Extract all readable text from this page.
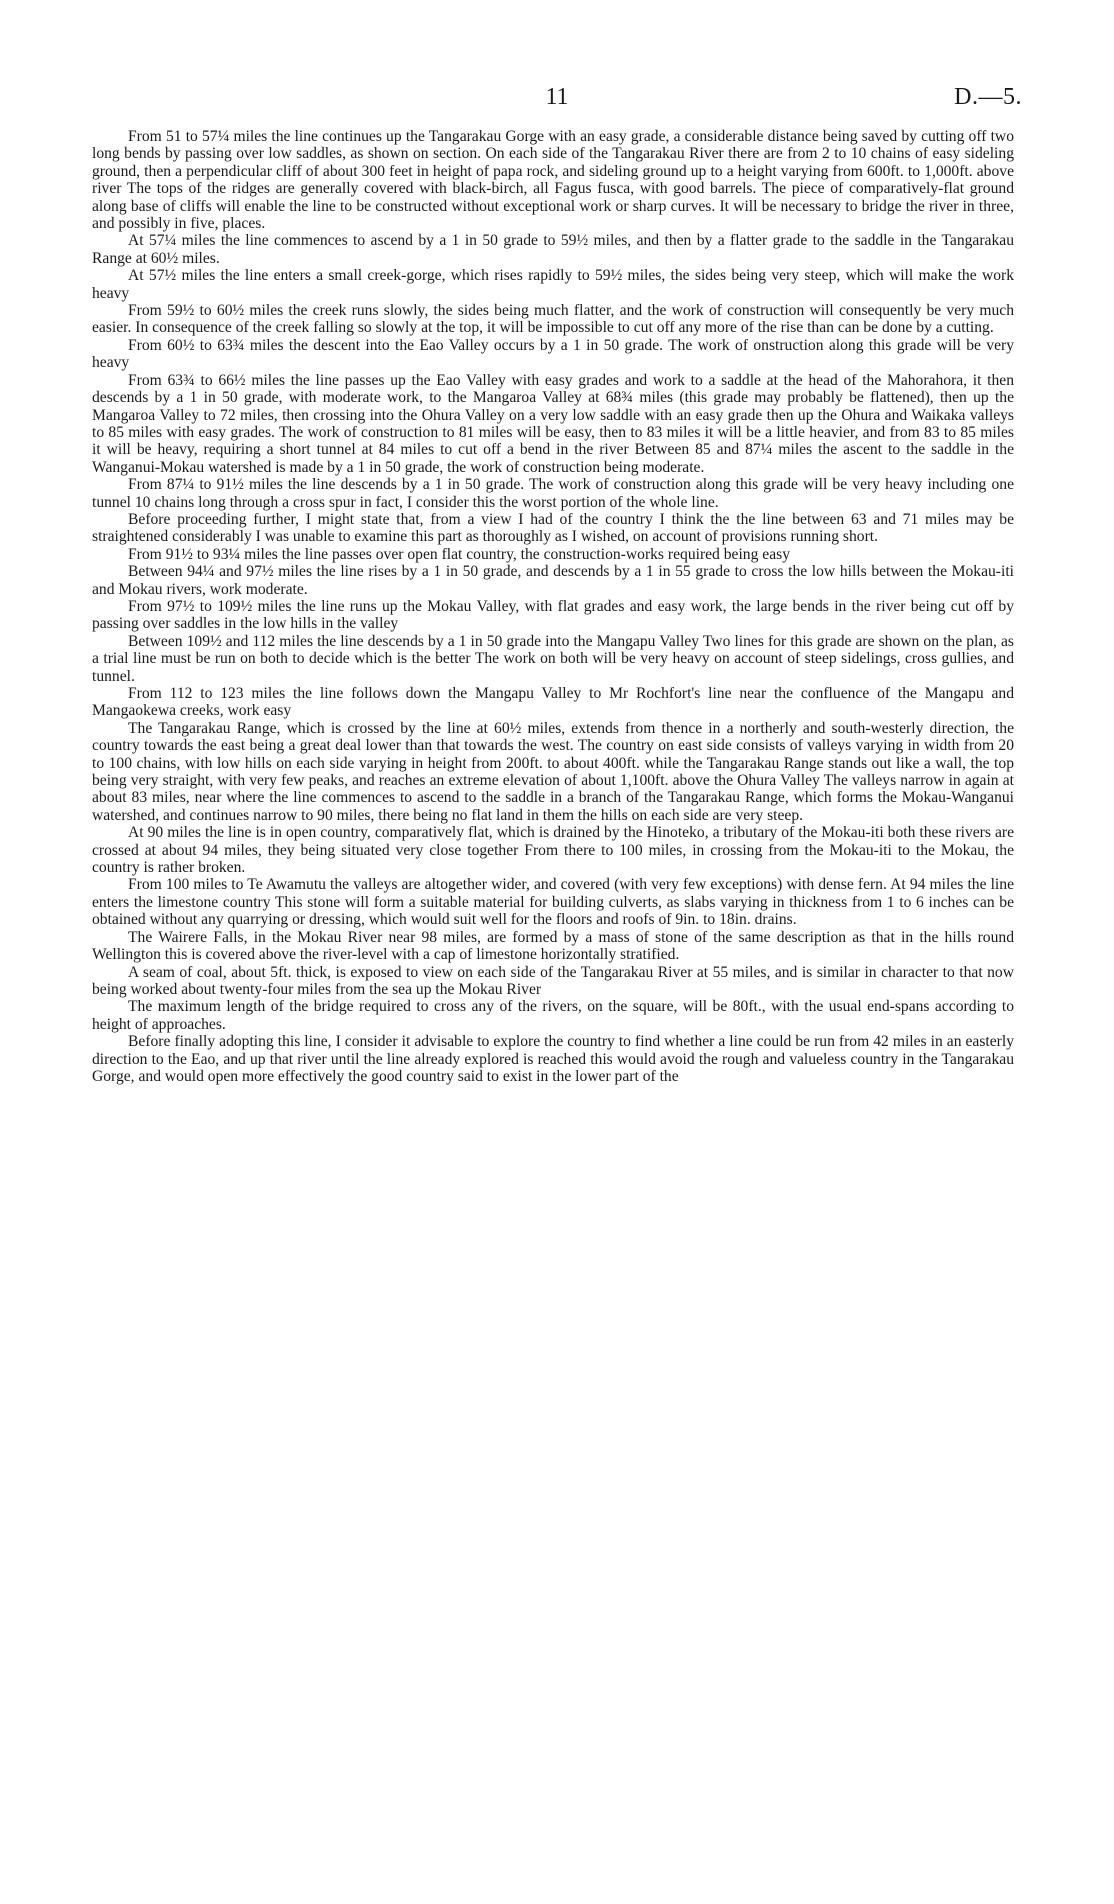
11	D.—5.

From 51 to 57¼ miles the line continues up the Tangarakau Gorge with an easy grade, a considerable distance being saved by cutting off two long bends by passing over low saddles, as shown on section. On each side of the Tangarakau River there are from 2 to 10 chains of easy sideling ground, then a perpendicular cliff of about 300 feet in height of papa rock, and sideling ground up to a height varying from 600ft. to 1,000ft. above river The tops of the ridges are generally covered with black-birch, all Fagus fusca, with good barrels. The piece of comparatively-flat ground along base of cliffs will enable the line to be constructed without exceptional work or sharp curves. It will be necessary to bridge the river in three, and possibly in five, places.

At 57¼ miles the line commences to ascend by a 1 in 50 grade to 59½ miles, and then by a flatter grade to the saddle in the Tangarakau Range at 60½ miles.

At 57½ miles the line enters a small creek-gorge, which rises rapidly to 59½ miles, the sides being very steep, which will make the work heavy

From 59½ to 60½ miles the creek runs slowly, the sides being much flatter, and the work of construction will consequently be very much easier. In consequence of the creek falling so slowly at the top, it will be impossible to cut off any more of the rise than can be done by a cutting.

From 60½ to 63¾ miles the descent into the Eao Valley occurs by a 1 in 50 grade. The work of onstruction along this grade will be very heavy

From 63¾ to 66½ miles the line passes up the Eao Valley with easy grades and work to a saddle at the head of the Mahorahora, it then descends by a 1 in 50 grade, with moderate work, to the Mangaroa Valley at 68¾ miles (this grade may probably be flattened), then up the Mangaroa Valley to 72 miles, then crossing into the Ohura Valley on a very low saddle with an easy grade then up the Ohura and Waikaka valleys to 85 miles with easy grades. The work of construction to 81 miles will be easy, then to 83 miles it will be a little heavier, and from 83 to 85 miles it will be heavy, requiring a short tunnel at 84 miles to cut off a bend in the river Between 85 and 87¼ miles the ascent to the saddle in the Wanganui-Mokau watershed is made by a 1 in 50 grade, the work of construction being moderate.

From 87¼ to 91½ miles the line descends by a 1 in 50 grade. The work of construction along this grade will be very heavy including one tunnel 10 chains long through a cross spur in fact, I consider this the worst portion of the whole line.

Before proceeding further, I might state that, from a view I had of the country I think the the line between 63 and 71 miles may be straightened considerably I was unable to examine this part as thoroughly as I wished, on account of provisions running short.

From 91½ to 93¼ miles the line passes over open flat country, the construction-works required being easy

Between 94¼ and 97½ miles the line rises by a 1 in 50 grade, and descends by a 1 in 55 grade to cross the low hills between the Mokau-iti and Mokau rivers, work moderate.

From 97½ to 109½ miles the line runs up the Mokau Valley, with flat grades and easy work, the large bends in the river being cut off by passing over saddles in the low hills in the valley

Between 109½ and 112 miles the line descends by a 1 in 50 grade into the Mangapu Valley Two lines for this grade are shown on the plan, as a trial line must be run on both to decide which is the better The work on both will be very heavy on account of steep sidelings, cross gullies, and tunnel.

From 112 to 123 miles the line follows down the Mangapu Valley to Mr Rochfort's line near the confluence of the Mangapu and Mangaokewa creeks, work easy

The Tangarakau Range, which is crossed by the line at 60½ miles, extends from thence in a northerly and south-westerly direction, the country towards the east being a great deal lower than that towards the west. The country on east side consists of valleys varying in width from 20 to 100 chains, with low hills on each side varying in height from 200ft. to about 400ft. while the Tangarakau Range stands out like a wall, the top being very straight, with very few peaks, and reaches an extreme elevation of about 1,100ft. above the Ohura Valley The valleys narrow in again at about 83 miles, near where the line commences to ascend to the saddle in a branch of the Tangarakau Range, which forms the Mokau-Wanganui watershed, and continues narrow to 90 miles, there being no flat land in them the hills on each side are very steep.

At 90 miles the line is in open country, comparatively flat, which is drained by the Hinoteko, a tributary of the Mokau-iti both these rivers are crossed at about 94 miles, they being situated very close together From there to 100 miles, in crossing from the Mokau-iti to the Mokau, the country is rather broken.

From 100 miles to Te Awamutu the valleys are altogether wider, and covered (with very few exceptions) with dense fern. At 94 miles the line enters the limestone country This stone will form a suitable material for building culverts, as slabs varying in thickness from 1 to 6 inches can be obtained without any quarrying or dressing, which would suit well for the floors and roofs of 9in. to 18in. drains.

The Wairere Falls, in the Mokau River near 98 miles, are formed by a mass of stone of the same description as that in the hills round Wellington this is covered above the river-level with a cap of limestone horizontally stratified.

A seam of coal, about 5ft. thick, is exposed to view on each side of the Tangarakau River at 55 miles, and is similar in character to that now being worked about twenty-four miles from the sea up the Mokau River

The maximum length of the bridge required to cross any of the rivers, on the square, will be 80ft., with the usual end-spans according to height of approaches.

Before finally adopting this line, I consider it advisable to explore the country to find whether a line could be run from 42 miles in an easterly direction to the Eao, and up that river until the line already explored is reached this would avoid the rough and valueless country in the Tangarakau Gorge, and would open more effectively the good country said to exist in the lower part of the
